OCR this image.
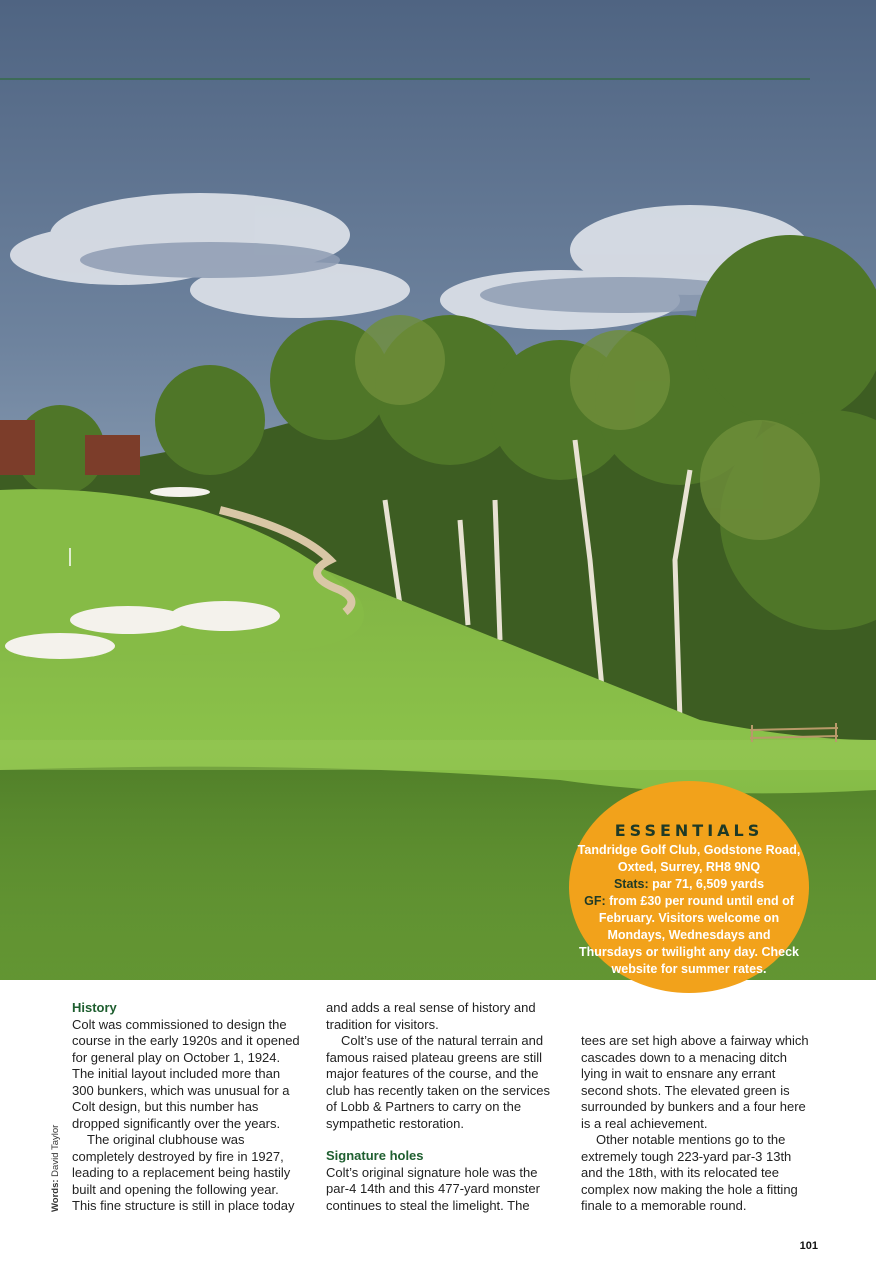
ESSENTIALS
Tandridge Golf Club, Godstone Road, Oxted, Surrey, RH8 9NQ
Stats: par 71, 6,509 yards
GF: from £30 per round until end of February. Visitors welcome on Mondays, Wednesdays and Thursdays or twilight any day. Check website for summer rates.
History

Colt was commissioned to design the course in the early 1920s and it opened for general play on October 1, 1924. The initial layout included more than 300 bunkers, which was unusual for a Colt design, but this number has dropped significantly over the years.

The original clubhouse was completely destroyed by fire in 1927, leading to a replacement being hastily built and opening the following year. This fine structure is still in place today

and adds a real sense of history and tradition for visitors.

Colt’s use of the natural terrain and famous raised plateau greens are still major features of the course, and the club has recently taken on the services of Lobb & Partners to carry on the sympathetic restoration.

Signature holes

Colt’s original signature hole was the par-4 14th and this 477-yard monster continues to steal the limelight. The

tees are set high above a fairway which cascades down to a menacing ditch lying in wait to ensnare any errant second shots. The elevated green is surrounded by bunkers and a four here is a real achievement.

Other notable mentions go to the extremely tough 223-yard par-3 13th and the 18th, with its relocated tee complex now making the hole a fitting finale to a memorable round.

Words: David Taylor
101
